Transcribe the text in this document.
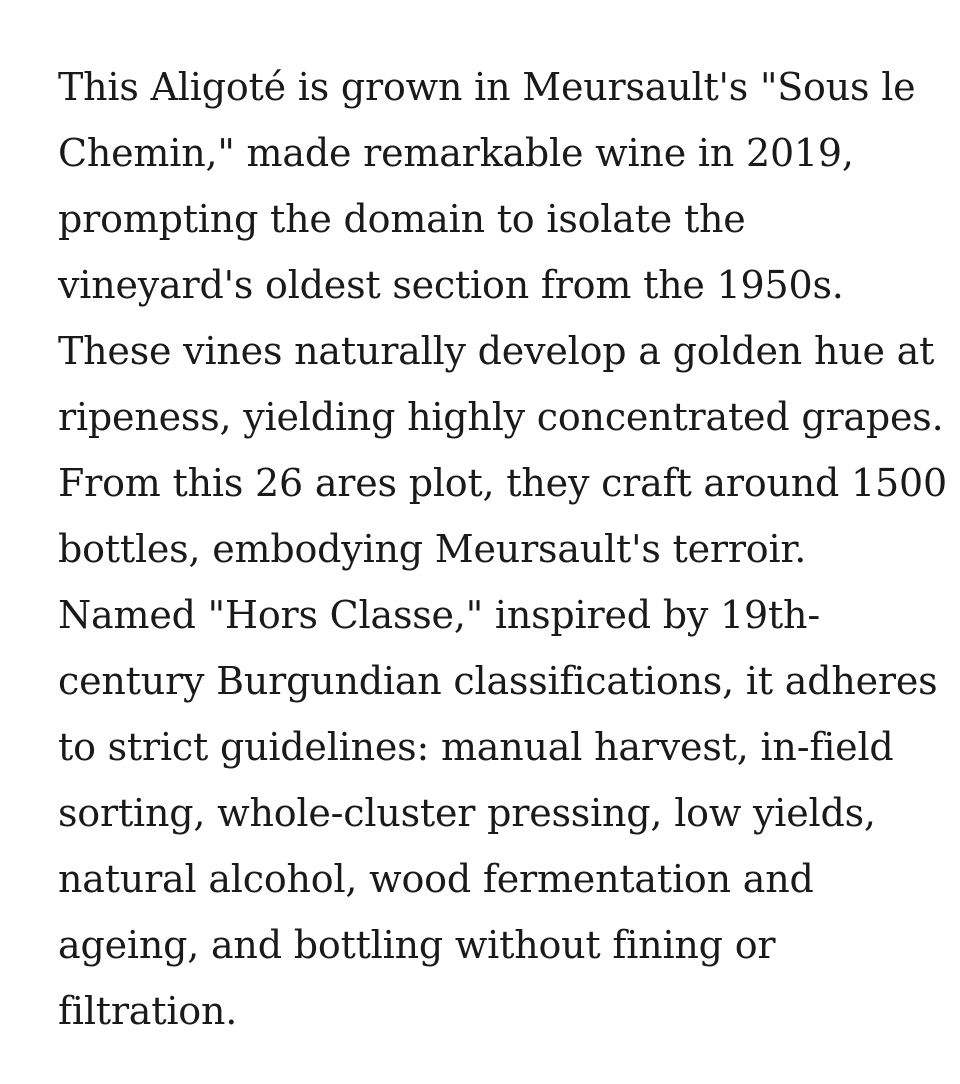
This Aligoté is grown in Meursault's "Sous le
Chemin," made remarkable wine in 2019,
prompting the domain to isolate the
vineyard's oldest section from the 1950s.
These vines naturally develop a golden hue at
ripeness, yielding highly concentrated grapes.
From this 26 ares plot, they craft around 1500
bottles, embodying Meursault's terroir.
Named "Hors Classe," inspired by 19th-
century Burgundian classifications, it adheres
to strict guidelines: manual harvest, in-field
sorting, whole-cluster pressing, low yields,
natural alcohol, wood fermentation and
ageing, and bottling without fining or
filtration.
